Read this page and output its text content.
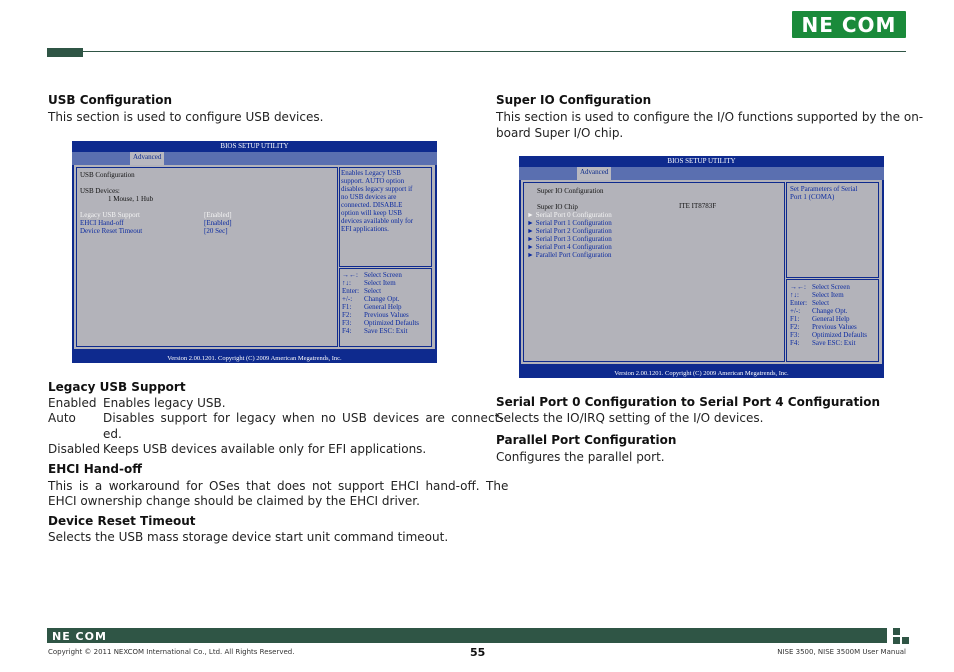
NE COM
USB Configuration
This section is used to configure USB devices.
BIOS SETUP UTILITY
Advanced
USB Configuration
USB Devices:
1 Mouse, 1 Hub
Legacy USB Support	[Enabled]
EHCI Hand-off	[Enabled]
Device Reset Timeout	[20 Sec]
Enables Legacy USB
support. AUTO option
disables legacy support if
no USB devices are
connected. DISABLE
option will keep USB
devices available only for
EFI applications.
→←: Select Screen
↑↓: Select Item
Enter: Select
+/-: Change Opt.
F1: General Help
F2: Previous Values
F3: Optimized Defaults
F4: Save ESC: Exit
Version 2.00.1201. Copyright (C) 2009 American Megatrends, Inc.
Legacy USB Support
Enabled Enables legacy USB.
Auto Disables support for legacy when no USB devices are connect-
ed.
Disabled Keeps USB devices available only for EFI applications.
EHCI Hand-off
This is a workaround for OSes that does not support EHCI hand-off. The
EHCI ownership change should be claimed by the EHCI driver.
Device Reset Timeout
Selects the USB mass storage device start unit command timeout.
Super IO Configuration
This section is used to configure the I/O functions supported by the on-
board Super I/O chip.
BIOS SETUP UTILITY
Advanced
Super IO Configuration
Super IO Chip	ITE IT8783F
► Serial Port 0 Configuration
► Serial Port 1 Configuration
► Serial Port 2 Configuration
► Serial Port 3 Configuration
► Serial Port 4 Configuration
► Parallel Port Configuration
Set Parameters of Serial
Port 1 (COMA)
→←: Select Screen
↑↓: Select Item
Enter: Select
+/-: Change Opt.
F1: General Help
F2: Previous Values
F3: Optimized Defaults
F4: Save ESC: Exit
Version 2.00.1201. Copyright (C) 2009 American Megatrends, Inc.
Serial Port 0 Configuration to Serial Port 4 Configuration
Selects the IO/IRQ setting of the I/O devices.
Parallel Port Configuration
Configures the parallel port.
NE COM
Copyright © 2011 NEXCOM International Co., Ltd. All Rights Reserved.	55	NISE 3500, NISE 3500M User Manual
